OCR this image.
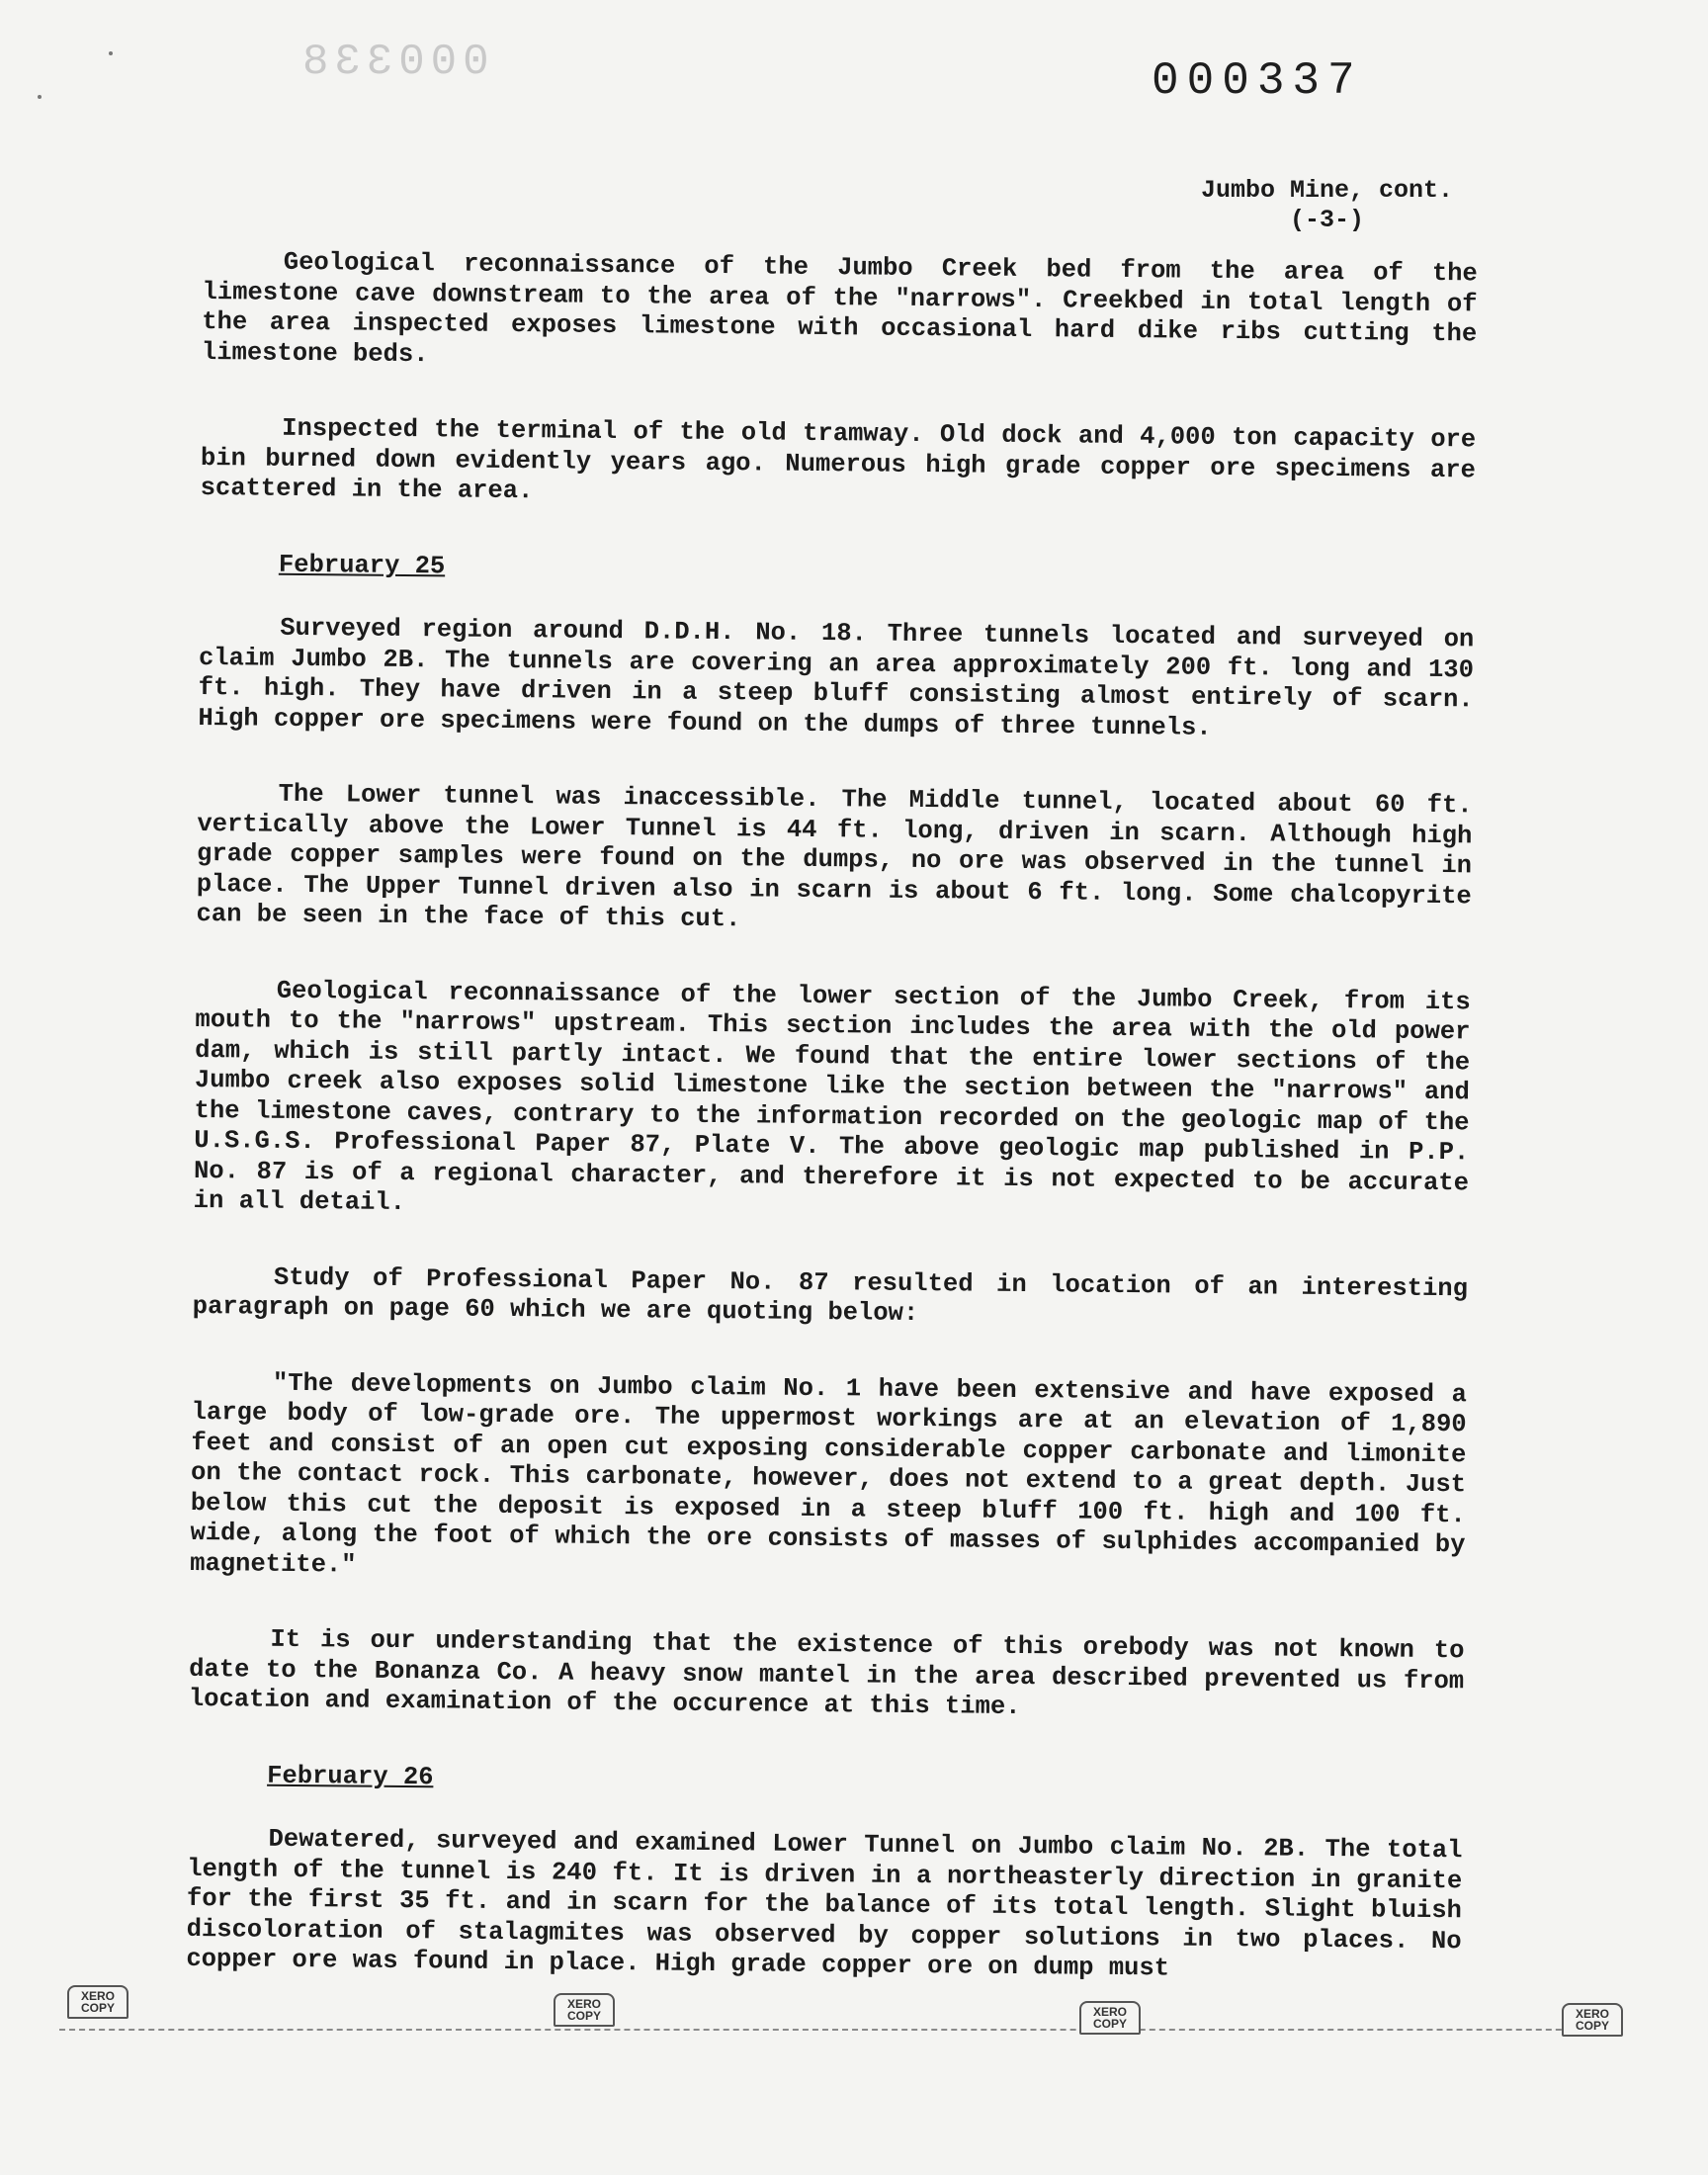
000338	000337
Jumbo Mine, cont.
(-3-)

Geological reconnaissance of the Jumbo Creek bed from the area of the limestone cave downstream to the area of the "narrows". Creekbed in total length of the area inspected exposes limestone with occasional hard dike ribs cutting the limestone beds.

Inspected the terminal of the old tramway. Old dock and 4,000 ton capacity ore bin burned down evidently years ago. Numerous high grade copper ore specimens are scattered in the area.

February 25

Surveyed region around D.D.H. No. 18. Three tunnels located and surveyed on claim Jumbo 2B. The tunnels are covering an area approximately 200 ft. long and 130 ft. high. They have driven in a steep bluff consisting almost entirely of scarn. High copper ore specimens were found on the dumps of three tunnels.

The Lower tunnel was inaccessible. The Middle tunnel, located about 60 ft. vertically above the Lower Tunnel is 44 ft. long, driven in scarn. Although high grade copper samples were found on the dumps, no ore was observed in the tunnel in place. The Upper Tunnel driven also in scarn is about 6 ft. long. Some chalcopyrite can be seen in the face of this cut.

Geological reconnaissance of the lower section of the Jumbo Creek, from its mouth to the "narrows" upstream. This section includes the area with the old power dam, which is still partly intact. We found that the entire lower sections of the Jumbo creek also exposes solid limestone like the section between the "narrows" and the limestone caves, contrary to the information recorded on the geologic map of the U.S.G.S. Professional Paper 87, Plate V. The above geologic map published in P.P. No. 87 is of a regional character, and therefore it is not expected to be accurate in all detail.

Study of Professional Paper No. 87 resulted in location of an interesting paragraph on page 60 which we are quoting below:

"The developments on Jumbo claim No. 1 have been extensive and have exposed a large body of low-grade ore. The uppermost workings are at an elevation of 1,890 feet and consist of an open cut exposing considerable copper carbonate and limonite on the contact rock. This carbonate, however, does not extend to a great depth. Just below this cut the deposit is exposed in a steep bluff 100 ft. high and 100 ft. wide, along the foot of which the ore consists of masses of sulphides accompanied by magnetite."

It is our understanding that the existence of this orebody was not known to date to the Bonanza Co. A heavy snow mantel in the area described prevented us from location and examination of the occurence at this time.

February 26

Dewatered, surveyed and examined Lower Tunnel on Jumbo claim No. 2B. The total length of the tunnel is 240 ft. It is driven in a northeasterly direction in granite for the first 35 ft. and in scarn for the balance of its total length. Slight bluish discoloration of stalagmites was observed by copper solutions in two places. No copper ore was found in place. High grade copper ore on dump must

XERO COPY	XERO COPY	XERO COPY
XERO COPY
